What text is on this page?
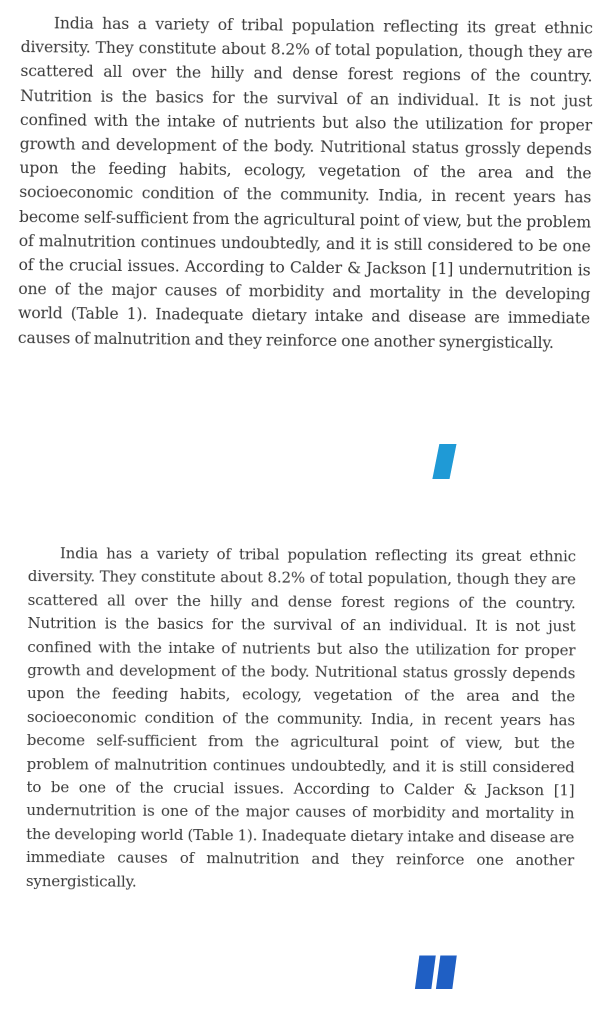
India has a variety of tribal population reflecting its great ethnic diversity. They constitute about 8.2% of total population, though they are scattered all over the hilly and dense forest regions of the country. Nutrition is the basics for the survival of an individual. It is not just confined with the intake of nutrients but also the utilization for proper growth and development of the body. Nutritional status grossly depends upon the feeding habits, ecology, vegetation of the area and the socioeconomic condition of the community. India, in recent years has become self-sufficient from the agricultural point of view, but the problem of malnutrition continues undoubtedly, and it is still considered to be one of the crucial issues. According to Calder & Jackson [1] undernutrition is one of the major causes of morbidity and mortality in the developing world (Table 1). Inadequate dietary intake and disease are immediate causes of malnutrition and they reinforce one another synergistically.

I

India has a variety of tribal population reflecting its great ethnic diversity. They constitute about 8.2% of total population, though they are scattered all over the hilly and dense forest regions of the country. Nutrition is the basics for the survival of an individual. It is not just confined with the intake of nutrients but also the utilization for proper growth and development of the body. Nutritional status grossly depends upon the feeding habits, ecology, vegetation of the area and the socioeconomic condition of the community. India, in recent years has become self-sufficient from the agricultural point of view, but the problem of malnutrition continues undoubtedly, and it is still considered to be one of the crucial issues. According to Calder & Jackson [1] undernutrition is one of the major causes of morbidity and mortality in the developing world (Table 1). Inadequate dietary intake and disease are immediate causes of malnutrition and they reinforce one another synergistically.

II
